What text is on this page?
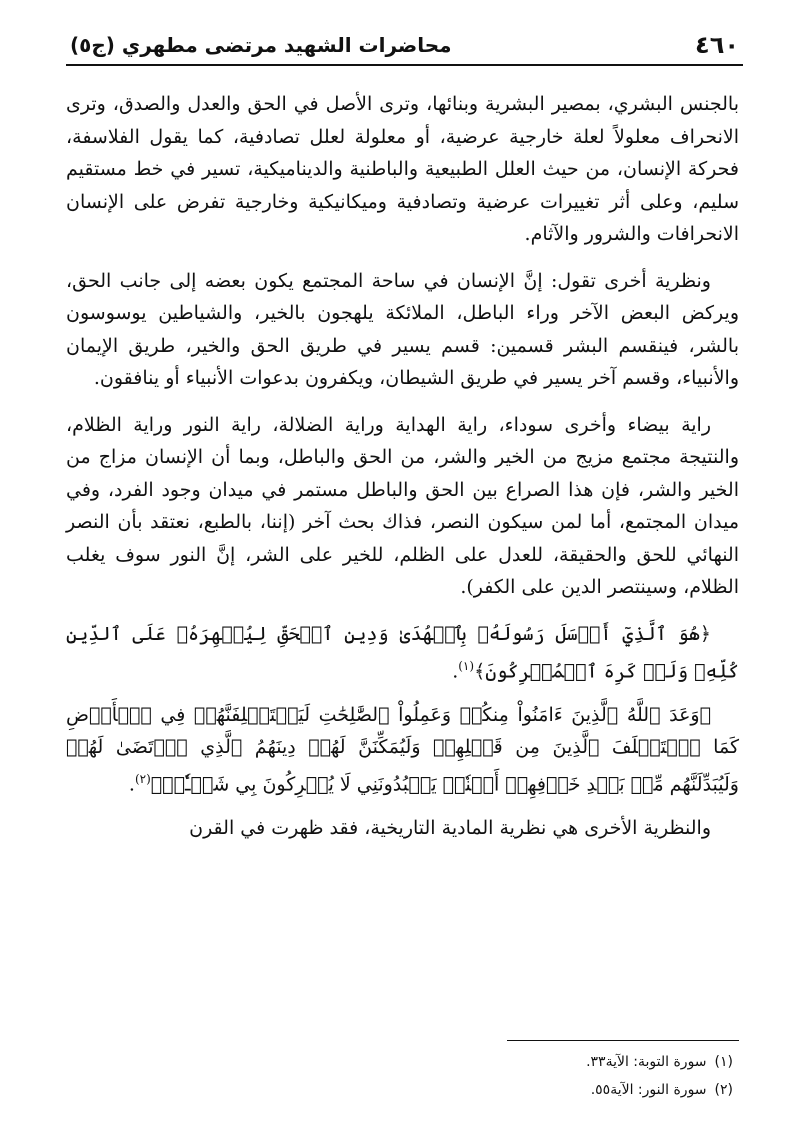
٤٦٠
محاضرات الشهيد مرتضى مطهري (ج٥)

بالجنس البشري، بمصير البشرية وبنائها، وترى الأصل في الحق والعدل والصدق، وترى الانحراف معلولاً لعلة خارجية عرضية، أو معلولة لعلل تصادفية، كما يقول الفلاسفة، فحركة الإنسان، من حيث العلل الطبيعية والباطنية والديناميكية، تسير في خط مستقيم سليم، وعلى أثر تغييرات عرضية وتصادفية وميكانيكية وخارجية تفرض على الإنسان الانحرافات والشرور والآثام.

ونظرية أخرى تقول: إنَّ الإنسان في ساحة المجتمع يكون بعضه إلى جانب الحق، ويركض البعض الآخر وراء الباطل، الملائكة يلهجون بالخير، والشياطين يوسوسون بالشر، فينقسم البشر قسمين: قسم يسير في طريق الحق والخير، طريق الإيمان والأنبياء، وقسم آخر يسير في طريق الشيطان، ويكفرون بدعوات الأنبياء أو ينافقون.

راية بيضاء وأخرى سوداء، راية الهداية وراية الضلالة، راية النور وراية الظلام، والنتيجة مجتمع مزيج من الخير والشر، من الحق والباطل، وبما أن الإنسان مزاج من الخير والشر، فإن هذا الصراع بين الحق والباطل مستمر في ميدان وجود الفرد، وفي ميدان المجتمع، أما لمن سيكون النصر، فذاك بحث آخر (إننا، بالطبع، نعتقد بأن النصر النهائي للحق والحقيقة، للعدل على الظلم، للخير على الشر، إنَّ النور سوف يغلب الظلام، وسينتصر الدين على الكفر).

﴿هُوَ ٱلَّذِيٓ أَرۡسَلَ رَسُولَهُۥ بِٱلۡهُدَىٰ وَدِينِ ٱلۡحَقِّ لِيُظۡهِرَهُۥ عَلَى ٱلدِّينِ كُلِّهِۦ وَلَوۡ كَرِهَ ٱلۡمُشۡرِكُونَ﴾$^{(١)}$.

﴿وَعَدَ ٱللَّهُ ٱلَّذِينَ ءَامَنُواْ مِنكُمۡ وَعَمِلُواْ ٱلصَّٰلِحَٰتِ لَيَسۡتَخۡلِفَنَّهُمۡ فِي ٱلۡأَرۡضِ كَمَا ٱسۡتَخۡلَفَ ٱلَّذِينَ مِن قَبۡلِهِمۡ وَلَيُمَكِّنَنَّ لَهُمۡ دِينَهُمُ ٱلَّذِي ٱرۡتَضَىٰ لَهُمۡ وَلَيُبَدِّلَنَّهُم مِّنۢ بَعۡدِ خَوۡفِهِمۡ أَمۡنٗاۚ يَعۡبُدُونَنِي لَا يُشۡرِكُونَ بِي شَيۡـٔٗاۚ﴾$^{(٢)}$.

والنظرية الأخرى هي نظرية المادية التاريخية، فقد ظهرت في القرن

(١)سورة التوبة: الآية٣٣.

(٢)سورة النور: الآية٥٥.
